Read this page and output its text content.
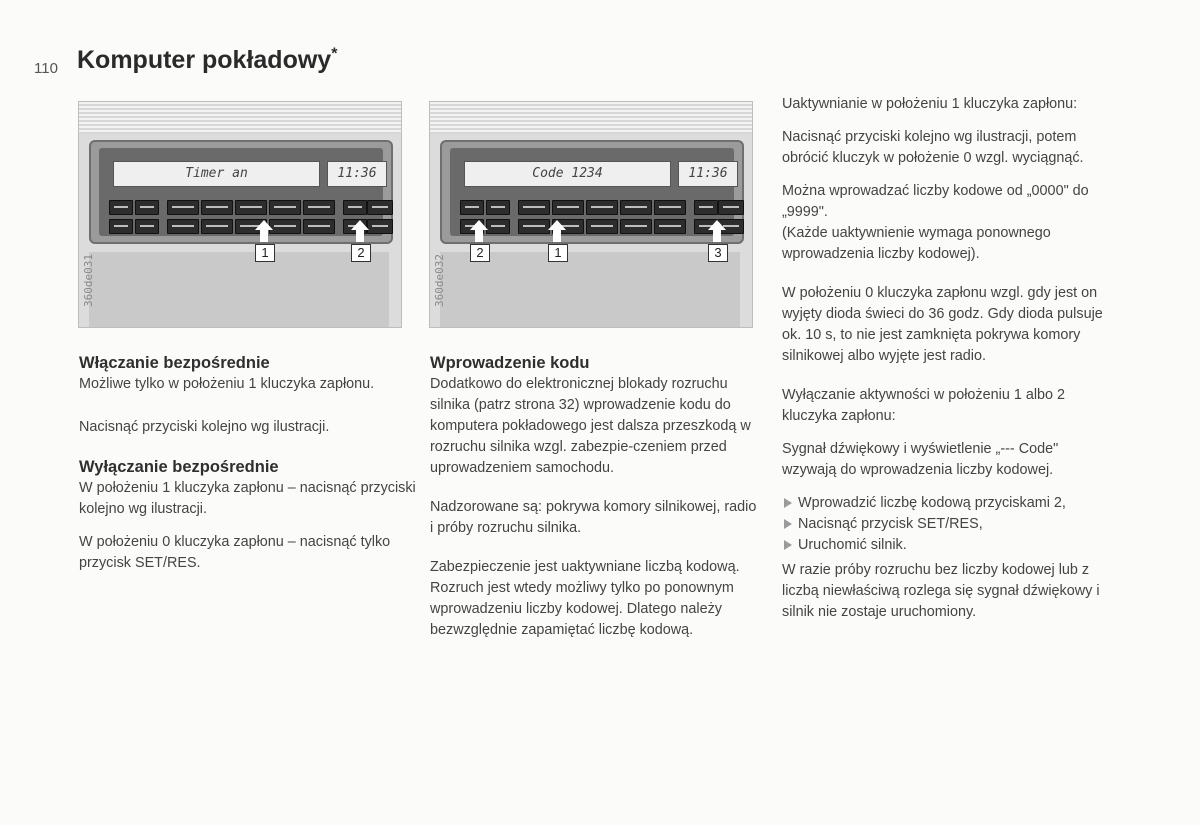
110 Komputer pokładowy*
Timer an	11:36
1	2
360de031
Code 1234	11:36
2	1	3
360de032
Włączanie bezpośrednie

Możliwe tylko w położeniu 1 kluczyka zapłonu.

Nacisnąć przyciski kolejno wg ilustracji.

Wyłączanie bezpośrednie

W położeniu 1 kluczyka zapłonu – nacisnąć przyciski kolejno wg ilustracji.

W położeniu 0 kluczyka zapłonu – nacisnąć tylko przycisk SET/RES.

Wprowadzenie kodu

Dodatkowo do elektronicznej blokady rozruchu silnika (patrz strona 32) wprowadzenie kodu do komputera pokładowego jest dalsza przeszkodą w rozruchu silnika wzgl. zabezpie-czeniem przed uprowadzeniem samochodu.

Nadzorowane są: pokrywa komory silnikowej, radio i próby rozruchu silnika.

Zabezpieczenie jest uaktywniane liczbą kodową. Rozruch jest wtedy możliwy tylko po ponownym wprowadzeniu liczby kodowej. Dlatego należy bezwzględnie zapamiętać liczbę kodową.

Uaktywnianie w położeniu 1 kluczyka zapłonu:

Nacisnąć przyciski kolejno wg ilustracji, potem obrócić kluczyk w położenie 0 wzgl. wyciągnąć.

Można wprowadzać liczby kodowe od „0000" do „9999".

(Każde uaktywnienie wymaga ponownego wprowadzenia liczby kodowej).

W położeniu 0 kluczyka zapłonu wzgl. gdy jest on wyjęty dioda świeci do 36 godz. Gdy dioda pulsuje ok. 10 s, to nie jest zamknięta pokrywa komory silnikowej albo wyjęte jest radio.

Wyłączanie aktywności w położeniu 1 albo 2 kluczyka zapłonu:

Sygnał dźwiękowy i wyświetlenie „--- Code" wzywają do wprowadzenia liczby kodowej.

Wprowadzić liczbę kodową przyciskami 2,
Nacisnąć przycisk SET/RES,
Uruchomić silnik.

W razie próby rozruchu bez liczby kodowej lub z liczbą niewłaściwą rozlega się sygnał dźwiękowy i silnik nie zostaje uruchomiony.
